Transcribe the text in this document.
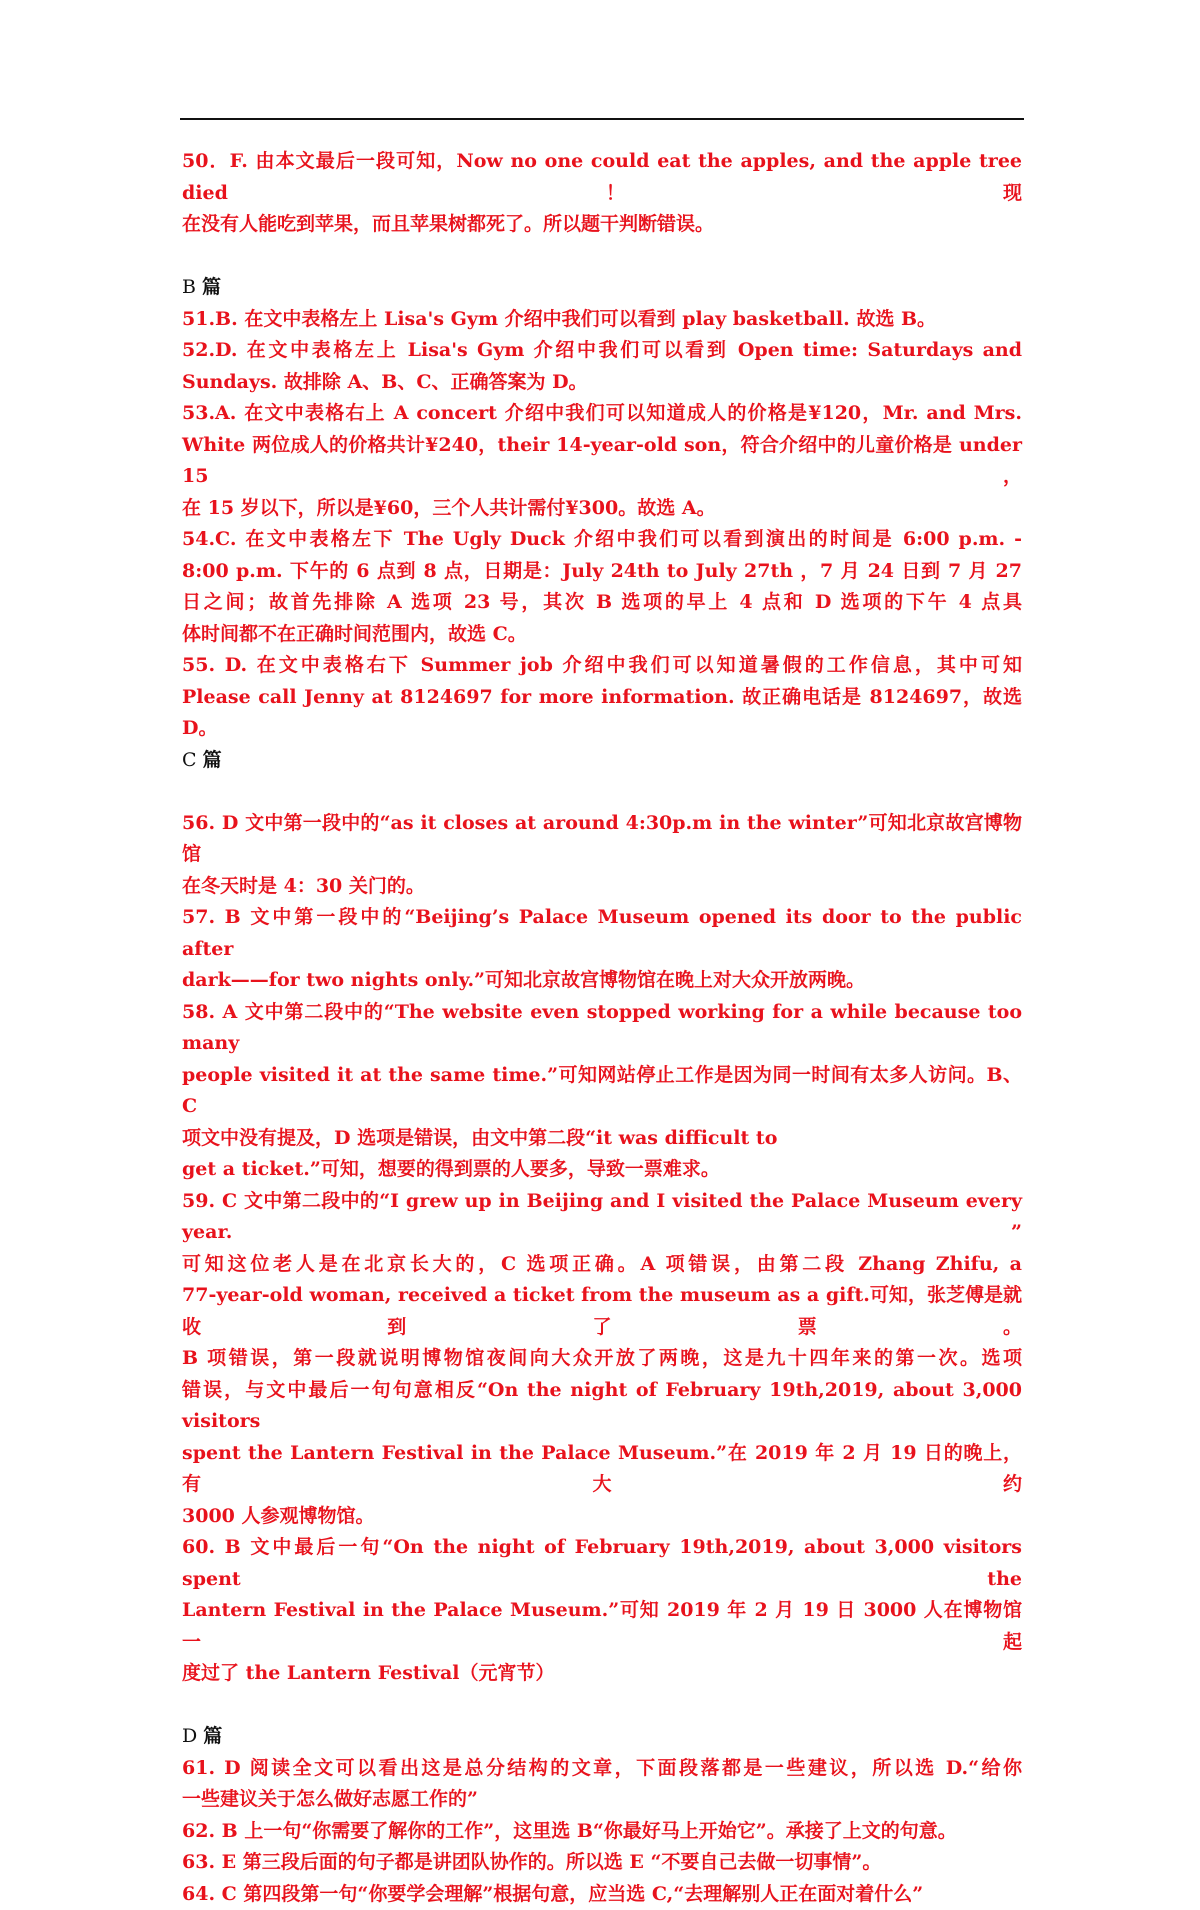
50．F. 由本文最后一段可知，Now no one could eat the apples, and the apple tree died！现
在没有人能吃到苹果，而且苹果树都死了。所以题干判断错误。

B 篇

51.B. 在文中表格左上 Lisa's Gym 介绍中我们可以看到 play basketball. 故选 B。

52.D. 在文中表格左上 Lisa's Gym 介绍中我们可以看到 Open time: Saturdays and
Sundays. 故排除 A、B、C、正确答案为 D。

53.A. 在文中表格右上 A concert 介绍中我们可以知道成人的价格是¥120，Mr. and Mrs.
White 两位成人的价格共计¥240，their 14-year-old son，符合介绍中的儿童价格是 under 15，
在 15 岁以下，所以是¥60，三个人共计需付¥300。故选 A。

54.C. 在文中表格左下 The Ugly Duck 介绍中我们可以看到演出的时间是 6:00 p.m. -
8:00 p.m. 下午的 6 点到 8 点，日期是：July 24th to July 27th ，7 月 24 日到 7 月 27
日之间；故首先排除 A 选项 23 号，其次 B 选项的早上 4 点和 D 选项的下午 4 点具
体时间都不在正确时间范围内，故选 C。

55. D. 在文中表格右下 Summer job 介绍中我们可以知道暑假的工作信息，其中可知
Please call Jenny at 8124697 for more information. 故正确电话是 8124697，故选 D。

C 篇

56. D 文中第一段中的“as it closes at around 4:30p.m in the winter”可知北京故宫博物馆
在冬天时是 4：30 关门的。

57. B 文中第一段中的“Beijing’s Palace Museum opened its door to the public after
dark——for two nights only.”可知北京故宫博物馆在晚上对大众开放两晚。

58. A 文中第二段中的“The website even stopped working for a while because too many
people visited it at the same time.”可知网站停止工作是因为同一时间有太多人访问。B、C
项文中没有提及，D 选项是错误，由文中第二段“it was difficult to
get a ticket.”可知，想要的得到票的人要多，导致一票难求。

59. C 文中第二段中的“I grew up in Beijing and I visited the Palace Museum every year. ”
可知这位老人是在北京长大的，C 选项正确。A 项错误，由第二段 Zhang Zhifu, a
77-year-old woman, received a ticket from the museum as a gift.可知，张芝傅是就收到了票。
B 项错误，第一段就说明博物馆夜间向大众开放了两晚，这是九十四年来的第一次。选项
错误，与文中最后一句句意相反“On the night of February 19th,2019, about 3,000 visitors
spent the Lantern Festival in the Palace Museum.”在 2019 年 2 月 19 日的晚上，有大约
3000 人参观博物馆。

60. B 文中最后一句“On the night of February 19th,2019, about 3,000 visitors spent the
Lantern Festival in the Palace Museum.”可知 2019 年 2 月 19 日 3000 人在博物馆一起
度过了 the Lantern Festival（元宵节）

D 篇

61. D 阅读全文可以看出这是总分结构的文章，下面段落都是一些建议，所以选 D.“给你
一些建议关于怎么做好志愿工作的”

62. B 上一句“你需要了解你的工作”，这里选 B“你最好马上开始它”。承接了上文的句意。

63. E 第三段后面的句子都是讲团队协作的。所以选 E “不要自己去做一切事情”。

64. C 第四段第一句“你要学会理解”根据句意，应当选 C,“去理解别人正在面对着什么”
